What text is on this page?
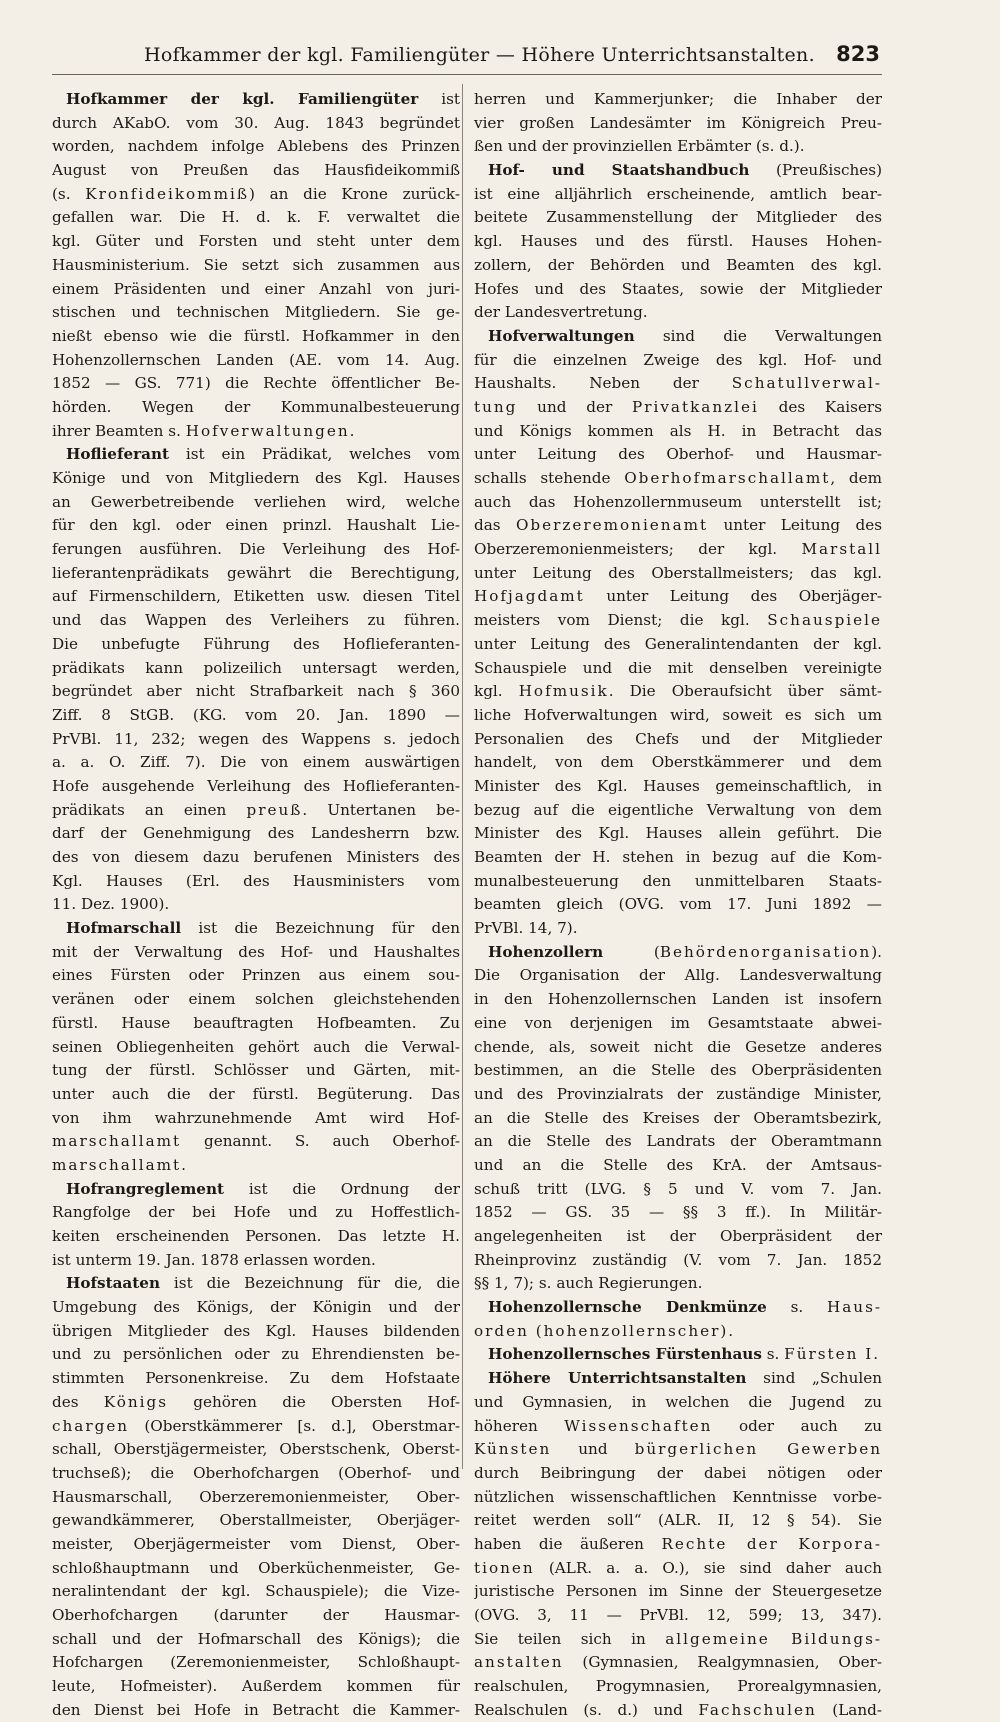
Hofkammer der kgl. Familiengüter — Höhere Unterrichtsanstalten. 823
Hofkammer der kgl. Familiengüter ist
durch AKabO. vom 30. Aug. 1843 begründet
worden, nachdem infolge Ablebens des Prinzen
August von Preußen das Hausfideikommiß
(s. Kronfideikommiß) an die Krone zurück-
gefallen war. Die H. d. k. F. verwaltet die
kgl. Güter und Forsten und steht unter dem
Hausministerium. Sie setzt sich zusammen aus
einem Präsidenten und einer Anzahl von juri-
stischen und technischen Mitgliedern. Sie ge-
nießt ebenso wie die fürstl. Hofkammer in den
Hohenzollernschen Landen (AE. vom 14. Aug.
1852 — GS. 771) die Rechte öffentlicher Be-
hörden. Wegen der Kommunalbesteuerung
ihrer Beamten s. Hofverwaltungen.
Hoflieferant ist ein Prädikat, welches vom
Könige und von Mitgliedern des Kgl. Hauses
an Gewerbetreibende verliehen wird, welche
für den kgl. oder einen prinzl. Haushalt Lie-
ferungen ausführen. Die Verleihung des Hof-
lieferantenprädikats gewährt die Berechtigung,
auf Firmenschildern, Etiketten usw. diesen Titel
und das Wappen des Verleihers zu führen.
Die unbefugte Führung des Hoflieferanten-
prädikats kann polizeilich untersagt werden,
begründet aber nicht Strafbarkeit nach § 360
Ziff. 8 StGB. (KG. vom 20. Jan. 1890 —
PrVBl. 11, 232; wegen des Wappens s. jedoch
a. a. O. Ziff. 7). Die von einem auswärtigen
Hofe ausgehende Verleihung des Hoflieferanten-
prädikats an einen preuß. Untertanen be-
darf der Genehmigung des Landesherrn bzw.
des von diesem dazu berufenen Ministers des
Kgl. Hauses (Erl. des Hausministers vom
11. Dez. 1900).
Hofmarschall ist die Bezeichnung für den
mit der Verwaltung des Hof- und Haushaltes
eines Fürsten oder Prinzen aus einem sou-
veränen oder einem solchen gleichstehenden
fürstl. Hause beauftragten Hofbeamten. Zu
seinen Obliegenheiten gehört auch die Verwal-
tung der fürstl. Schlösser und Gärten, mit-
unter auch die der fürstl. Begüterung. Das
von ihm wahrzunehmende Amt wird Hof-
marschallamt genannt. S. auch Oberhof-
marschallamt.
Hofrangreglement ist die Ordnung der
Rangfolge der bei Hofe und zu Hoffestlich-
keiten erscheinenden Personen. Das letzte H.
ist unterm 19. Jan. 1878 erlassen worden.
Hofstaaten ist die Bezeichnung für die, die
Umgebung des Königs, der Königin und der
übrigen Mitglieder des Kgl. Hauses bildenden
und zu persönlichen oder zu Ehrendiensten be-
stimmten Personenkreise. Zu dem Hofstaate
des Königs gehören die Obersten Hof-
chargen (Oberstkämmerer [s. d.], Oberstmar-
schall, Oberstjägermeister, Oberstschenk, Oberst-
truchseß); die Oberhofchargen (Oberhof- und
Hausmarschall, Oberzeremonienmeister, Ober-
gewandkämmerer, Oberstallmeister, Oberjäger-
meister, Oberjägermeister vom Dienst, Ober-
schloßhauptmann und Oberküchenmeister, Ge-
neralintendant der kgl. Schauspiele); die Vize-
Oberhofchargen (darunter der Hausmar-
schall und der Hofmarschall des Königs); die
Hofchargen (Zeremonienmeister, Schloßhaupt-
leute, Hofmeister). Außerdem kommen für
den Dienst bei Hofe in Betracht die Kammer-
herren und Kammerjunker; die Inhaber der
vier großen Landesämter im Königreich Preu-
ßen und der provinziellen Erbämter (s. d.).
Hof- und Staatshandbuch (Preußisches)
ist eine alljährlich erscheinende, amtlich bear-
beitete Zusammenstellung der Mitglieder des
kgl. Hauses und des fürstl. Hauses Hohen-
zollern, der Behörden und Beamten des kgl.
Hofes und des Staates, sowie der Mitglieder
der Landesvertretung.
Hofverwaltungen sind die Verwaltungen
für die einzelnen Zweige des kgl. Hof- und
Haushalts. Neben der Schatullverwal-
tung und der Privatkanzlei des Kaisers
und Königs kommen als H. in Betracht das
unter Leitung des Oberhof- und Hausmar-
schalls stehende Oberhofmarschallamt, dem
auch das Hohenzollernmuseum unterstellt ist;
das Oberzeremonienamt unter Leitung des
Oberzeremonienmeisters; der kgl. Marstall
unter Leitung des Oberstallmeisters; das kgl.
Hofjagdamt unter Leitung des Oberjäger-
meisters vom Dienst; die kgl. Schauspiele
unter Leitung des Generalintendanten der kgl.
Schauspiele und die mit denselben vereinigte
kgl. Hofmusik. Die Oberaufsicht über sämt-
liche Hofverwaltungen wird, soweit es sich um
Personalien des Chefs und der Mitglieder
handelt, von dem Oberstkämmerer und dem
Minister des Kgl. Hauses gemeinschaftlich, in
bezug auf die eigentliche Verwaltung von dem
Minister des Kgl. Hauses allein geführt. Die
Beamten der H. stehen in bezug auf die Kom-
munalbesteuerung den unmittelbaren Staats-
beamten gleich (OVG. vom 17. Juni 1892 —
PrVBl. 14, 7).
Hohenzollern (Behördenorganisation).
Die Organisation der Allg. Landesverwaltung
in den Hohenzollernschen Landen ist insofern
eine von derjenigen im Gesamtstaate abwei-
chende, als, soweit nicht die Gesetze anderes
bestimmen, an die Stelle des Oberpräsidenten
und des Provinzialrats der zuständige Minister,
an die Stelle des Kreises der Oberamtsbezirk,
an die Stelle des Landrats der Oberamtmann
und an die Stelle des KrA. der Amtsaus-
schuß tritt (LVG. § 5 und V. vom 7. Jan.
1852 — GS. 35 — §§ 3 ff.). In Militär-
angelegenheiten ist der Oberpräsident der
Rheinprovinz zuständig (V. vom 7. Jan. 1852
§§ 1, 7); s. auch Regierungen.
Hohenzollernsche Denkmünze s. Haus-
orden (hohenzollernscher).
Hohenzollernsches Fürstenhaus s. Fürsten I.
Höhere Unterrichtsanstalten sind „Schulen
und Gymnasien, in welchen die Jugend zu
höheren Wissenschaften oder auch zu
Künsten und bürgerlichen Gewerben
durch Beibringung der dabei nötigen oder
nützlichen wissenschaftlichen Kenntnisse vorbe-
reitet werden soll“ (ALR. II, 12 § 54). Sie
haben die äußeren Rechte der Korpora-
tionen (ALR. a. a. O.), sie sind daher auch
juristische Personen im Sinne der Steuergesetze
(OVG. 3, 11 — PrVBl. 12, 599; 13, 347).
Sie teilen sich in allgemeine Bildungs-
anstalten (Gymnasien, Realgymnasien, Ober-
realschulen, Progymnasien, Prorealgymnasien,
Realschulen (s. d.) und Fachschulen (Land-
